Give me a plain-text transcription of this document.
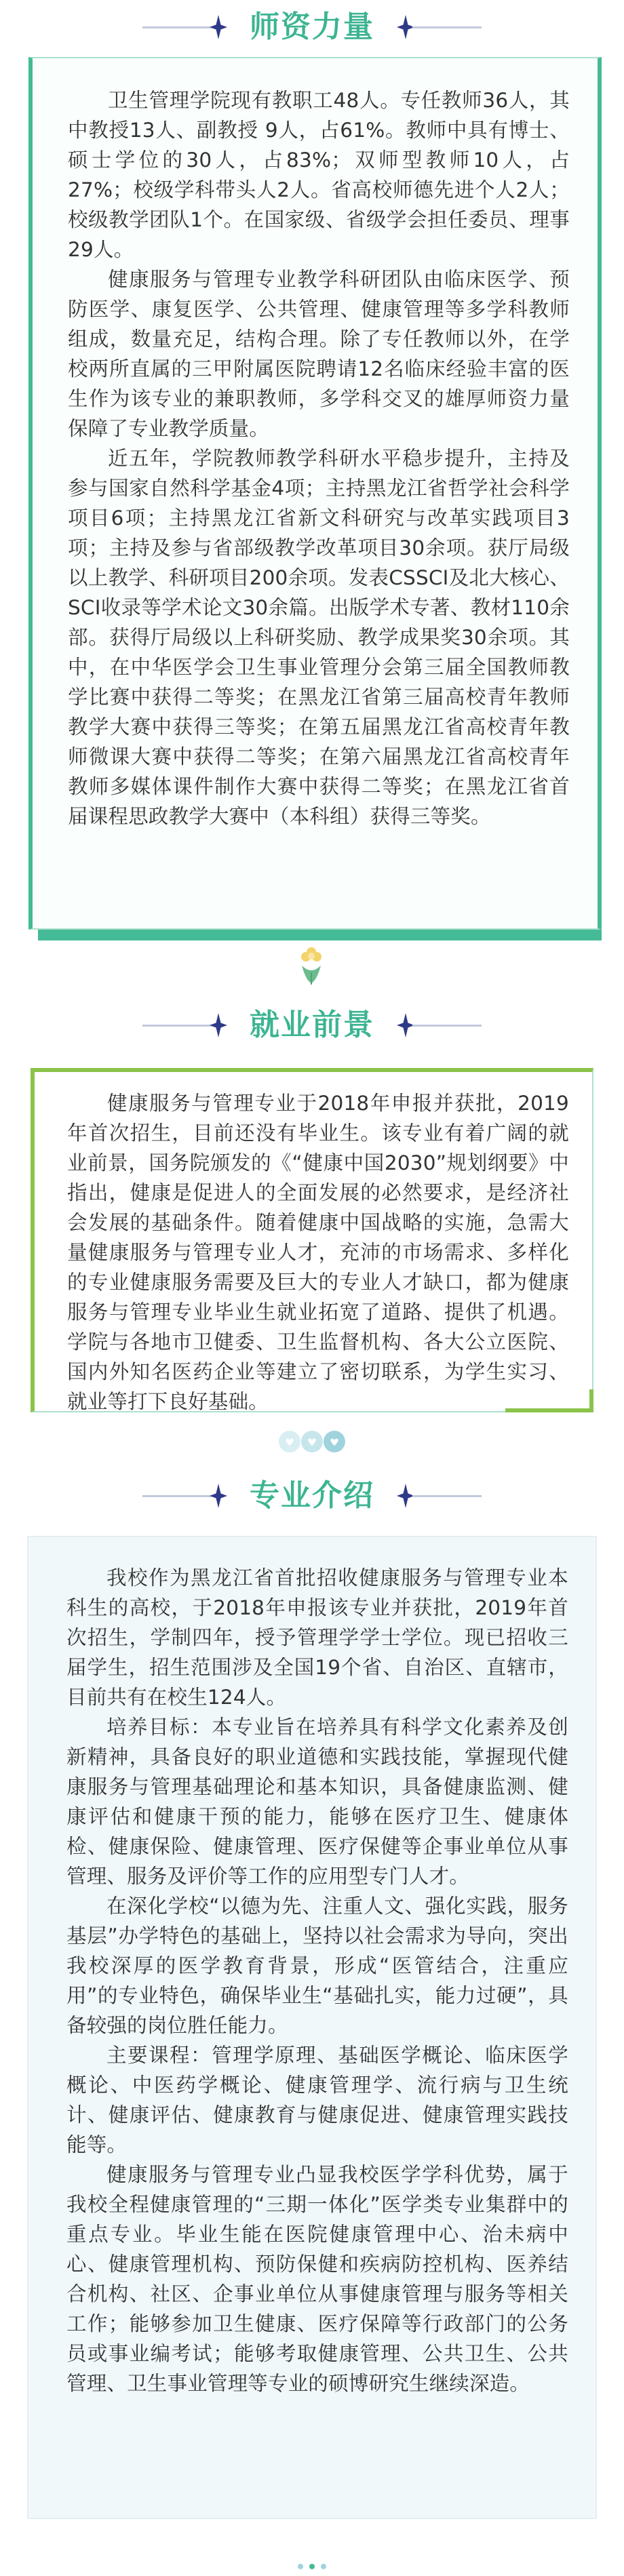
师资力量

卫生管理学院现有教职工48人。专任教师36人，其中教授13人、副教授 9人，占61%。教师中具有博士、硕士学位的30人，占83%；双师型教师10人，占27%；校级学科带头人2人。省高校师德先进个人2人；校级教学团队1个。在国家级、省级学会担任委员、理事29人。

健康服务与管理专业教学科研团队由临床医学、预防医学、康复医学、公共管理、健康管理等多学科教师组成，数量充足，结构合理。除了专任教师以外，在学校两所直属的三甲附属医院聘请12名临床经验丰富的医生作为该专业的兼职教师，多学科交叉的雄厚师资力量保障了专业教学质量。

近五年，学院教师教学科研水平稳步提升，主持及参与国家自然科学基金4项；主持黑龙江省哲学社会科学项目6项；主持黑龙江省新文科研究与改革实践项目3项；主持及参与省部级教学改革项目30余项。获厅局级以上教学、科研项目200余项。发表CSSCI及北大核心、SCI收录等学术论文30余篇。出版学术专著、教材110余部。获得厅局级以上科研奖励、教学成果奖30余项。其中，在中华医学会卫生事业管理分会第三届全国教师教学比赛中获得二等奖；在黑龙江省第三届高校青年教师教学大赛中获得三等奖；在第五届黑龙江省高校青年教师微课大赛中获得二等奖；在第六届黑龙江省高校青年教师多媒体课件制作大赛中获得二等奖；在黑龙江省首届课程思政教学大赛中（本科组）获得三等奖。

就业前景

健康服务与管理专业于2018年申报并获批，2019年首次招生，目前还没有毕业生。该专业有着广阔的就业前景，国务院颁发的《“健康中国2030”规划纲要》中指出，健康是促进人的全面发展的必然要求，是经济社会发展的基础条件。随着健康中国战略的实施，急需大量健康服务与管理专业人才，充沛的市场需求、多样化的专业健康服务需要及巨大的专业人才缺口，都为健康服务与管理专业毕业生就业拓宽了道路、提供了机遇。学院与各地市卫健委、卫生监督机构、各大公立医院、国内外知名医药企业等建立了密切联系，为学生实习、就业等打下良好基础。

专业介绍

我校作为黑龙江省首批招收健康服务与管理专业本科生的高校，于2018年申报该专业并获批，2019年首次招生，学制四年，授予管理学学士学位。现已招收三届学生，招生范围涉及全国19个省、自治区、直辖市，目前共有在校生124人。

培养目标：本专业旨在培养具有科学文化素养及创新精神，具备良好的职业道德和实践技能，掌握现代健康服务与管理基础理论和基本知识，具备健康监测、健康评估和健康干预的能力，能够在医疗卫生、健康体检、健康保险、健康管理、医疗保健等企事业单位从事管理、服务及评价等工作的应用型专门人才。

在深化学校“以德为先、注重人文、强化实践，服务基层”办学特色的基础上，坚持以社会需求为导向，突出我校深厚的医学教育背景，形成“医管结合，注重应用”的专业特色，确保毕业生“基础扎实，能力过硬”，具备较强的岗位胜任能力。

主要课程：管理学原理、基础医学概论、临床医学概论、中医药学概论、健康管理学、流行病与卫生统计、健康评估、健康教育与健康促进、健康管理实践技能等。

健康服务与管理专业凸显我校医学学科优势，属于我校全程健康管理的“三期一体化”医学类专业集群中的重点专业。毕业生能在医院健康管理中心、治未病中心、健康管理机构、预防保健和疾病防控机构、医养结合机构、社区、企事业单位从事健康管理与服务等相关工作；能够参加卫生健康、医疗保障等行政部门的公务员或事业编考试；能够考取健康管理、公共卫生、公共管理、卫生事业管理等专业的硕博研究生继续深造。
